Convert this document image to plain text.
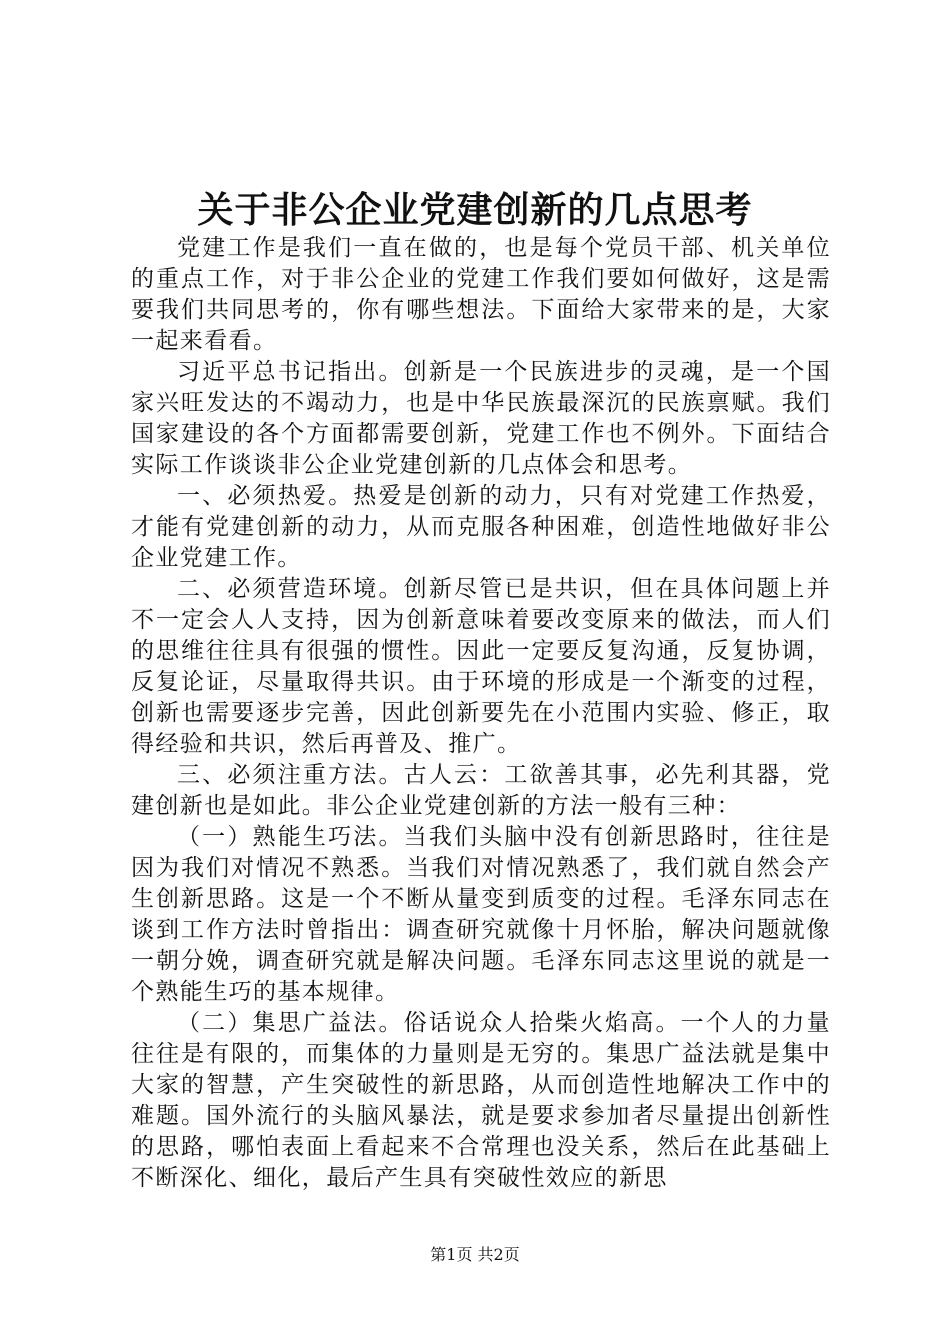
关于非公企业党建创新的几点思考

党建工作是我们一直在做的，也是每个党员干部、机关单位的重点工作，对于非公企业的党建工作我们要如何做好，这是需要我们共同思考的，你有哪些想法。下面给大家带来的是，大家一起来看看。

习近平总书记指出。创新是一个民族进步的灵魂，是一个国家兴旺发达的不竭动力，也是中华民族最深沉的民族禀赋。我们国家建设的各个方面都需要创新，党建工作也不例外。下面结合实际工作谈谈非公企业党建创新的几点体会和思考。

一、必须热爱。热爱是创新的动力，只有对党建工作热爱，才能有党建创新的动力，从而克服各种困难，创造性地做好非公企业党建工作。

二、必须营造环境。创新尽管已是共识，但在具体问题上并不一定会人人支持，因为创新意味着要改变原来的做法，而人们的思维往往具有很强的惯性。因此一定要反复沟通，反复协调，反复论证，尽量取得共识。由于环境的形成是一个渐变的过程，创新也需要逐步完善，因此创新要先在小范围内实验、修正，取得经验和共识，然后再普及、推广。

三、必须注重方法。古人云：工欲善其事，必先利其器，党建创新也是如此。非公企业党建创新的方法一般有三种：

（一）熟能生巧法。当我们头脑中没有创新思路时，往往是因为我们对情况不熟悉。当我们对情况熟悉了，我们就自然会产生创新思路。这是一个不断从量变到质变的过程。毛泽东同志在谈到工作方法时曾指出：调查研究就像十月怀胎，解决问题就像一朝分娩，调查研究就是解决问题。毛泽东同志这里说的就是一个熟能生巧的基本规律。

（二）集思广益法。俗话说众人拾柴火焰高。一个人的力量往往是有限的，而集体的力量则是无穷的。集思广益法就是集中大家的智慧，产生突破性的新思路，从而创造性地解决工作中的难题。国外流行的头脑风暴法，就是要求参加者尽量提出创新性的思路，哪怕表面上看起来不合常理也没关系，然后在此基础上不断深化、细化，最后产生具有突破性效应的新思

第1页 共2页
